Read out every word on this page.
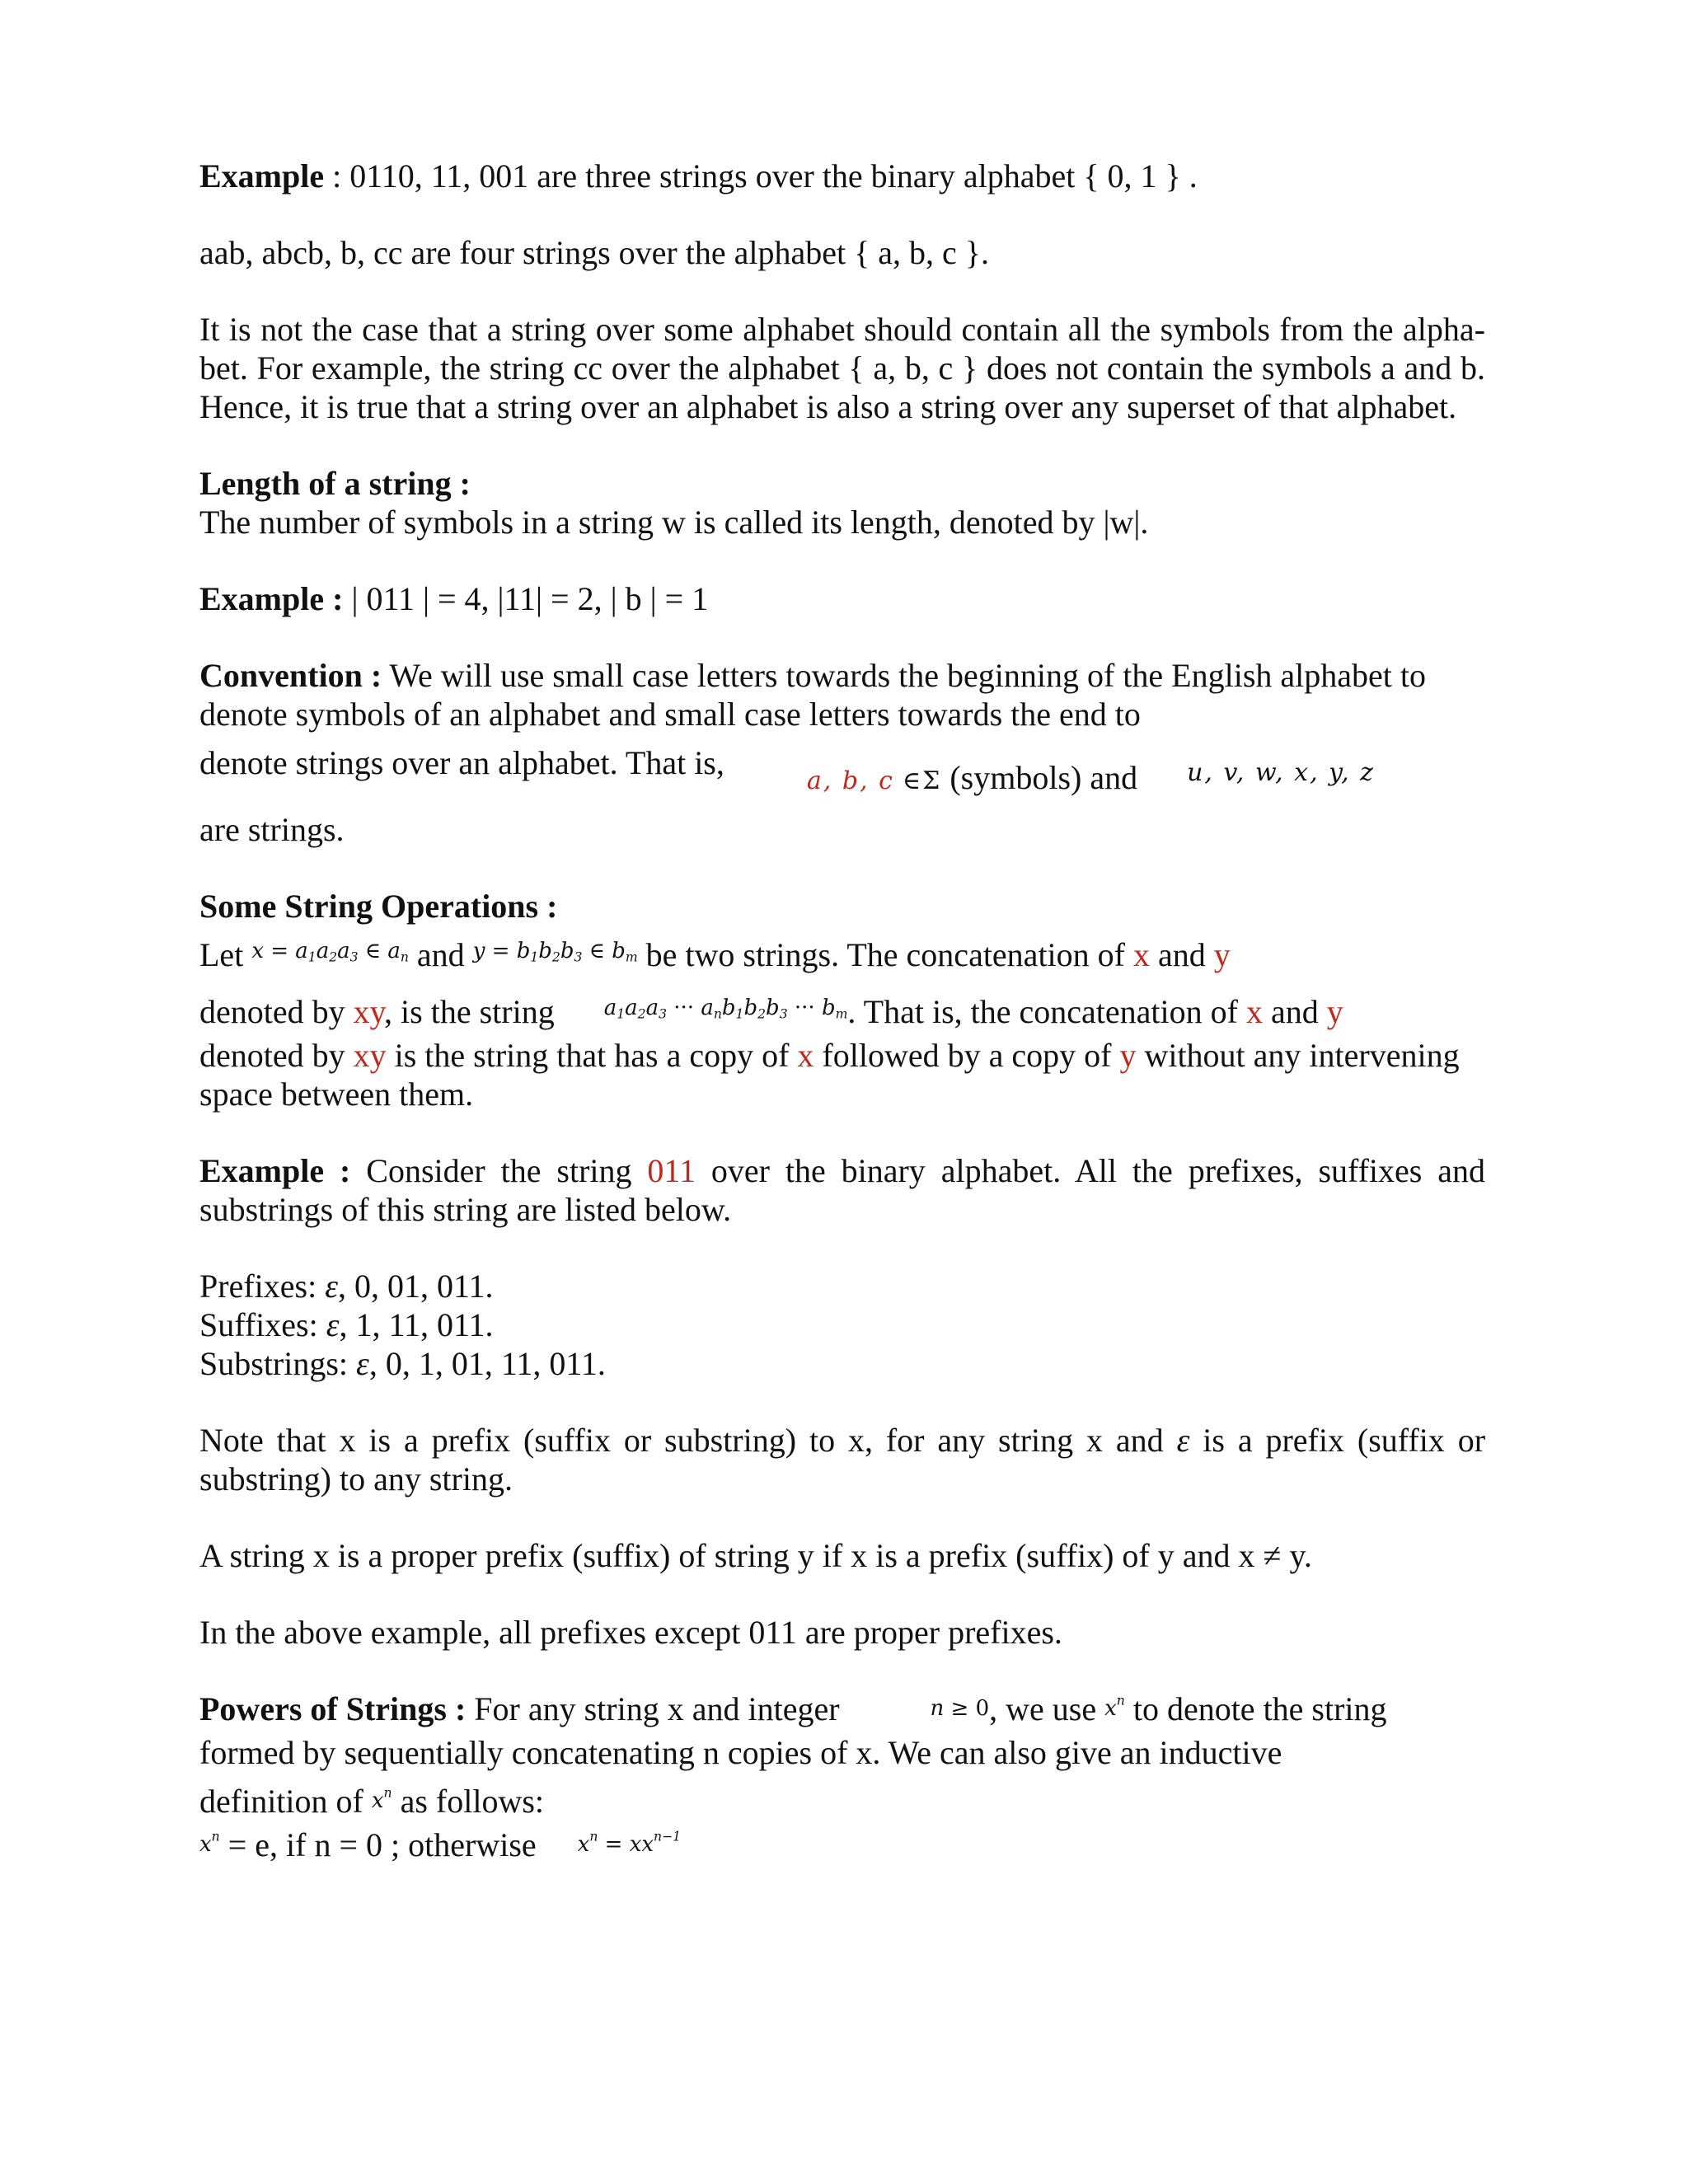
Example : 0110, 11, 001 are three strings over the binary alphabet { 0, 1 } .

aab, abcb, b, cc are four strings over the alphabet { a, b, c }.

It is not the case that a string over some alphabet should contain all the symbols from the alpha-bet. For example, the string cc over the alphabet { a, b, c } does not contain the symbols a and b. Hence, it is true that a string over an alphabet is also a string over any superset of that alphabet.

Length of a string :

The number of symbols in a string w is called its length, denoted by |w|.

Example : | 011 | = 4, |11| = 2, | b | = 1

Convention : We will use small case letters towards the beginning of the English alphabet to denote symbols of an alphabet and small case letters towards the end to

denote strings over an alphabet. That is,	$_{a, b, c}$ $_{\in\Sigma}$ (symbols) and $_{u, v, w, x, y, z}$

are strings.

Some String Operations :

Let $^{x = a_1a_2a_3 \in a_n}$ and $^{y = b_1b_2b_3 \in b_m}$ be two strings. The concatenation of x and y

denoted by xy, is the string $^{a_1a_2a_3 \cdot\cdot\cdot a_nb_1b_2b_3 \cdot\cdot\cdot b_m}$. That is, the concatenation of x and y

denoted by xy is the string that has a copy of x followed by a copy of y without any intervening space between them.

Example : Consider the string 011 over the binary alphabet. All the prefixes, suffixes and substrings of this string are listed below.

Prefixes: ε, 0, 01, 011.

Suffixes: ε, 1, 11, 011.

Substrings: ε, 0, 1, 01, 11, 011.

Note that x is a prefix (suffix or substring) to x, for any string x and ε is a prefix (suffix or substring) to any string.

A string x is a proper prefix (suffix) of string y if x is a prefix (suffix) of y and x ≠ y.

In the above example, all prefixes except 011 are proper prefixes.

Powers of Strings : For any string x and integer	n ≥ 0, we use $x^n$ to denote the string formed by sequentially concatenating n copies of x. We can also give an inductive

definition of $x^n$ as follows:

$x^n = e$, if n = 0 ; otherwise $x^n = xx^{n-1}$
